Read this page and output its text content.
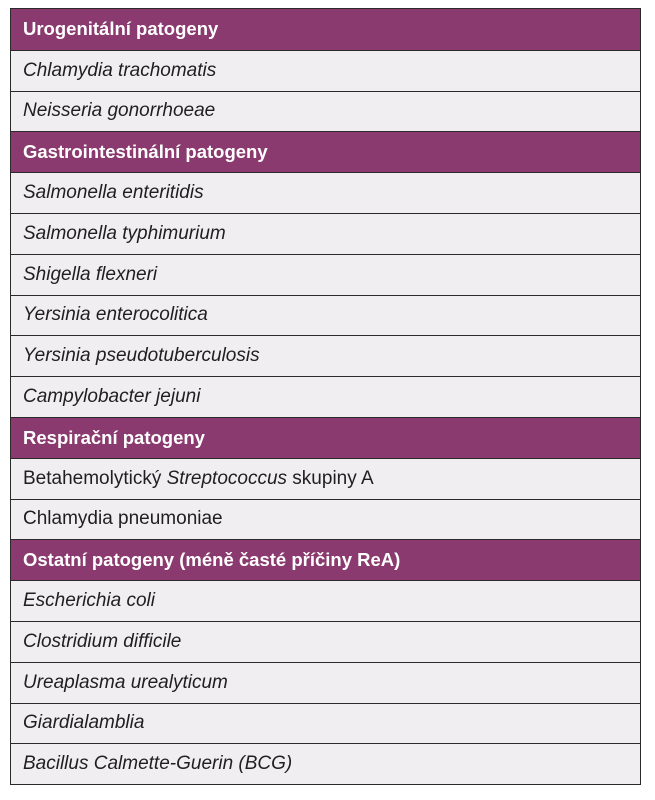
Urogenitální patogeny
Chlamydia trachomatis
Neisseria gonorrhoeae
Gastrointestinální patogeny
Salmonella enteritidis
Salmonella typhimurium
Shigella flexneri
Yersinia enterocolitica
Yersinia pseudotuberculosis
Campylobacter jejuni
Respirační patogeny
Betahemolytický Streptococcus skupiny A
Chlamydia pneumoniae
Ostatní patogeny (méně časté příčiny ReA)
Escherichia coli
Clostridium difficile
Ureaplasma urealyticum
Giardialamblia
Bacillus Calmette-Guerin (BCG)
